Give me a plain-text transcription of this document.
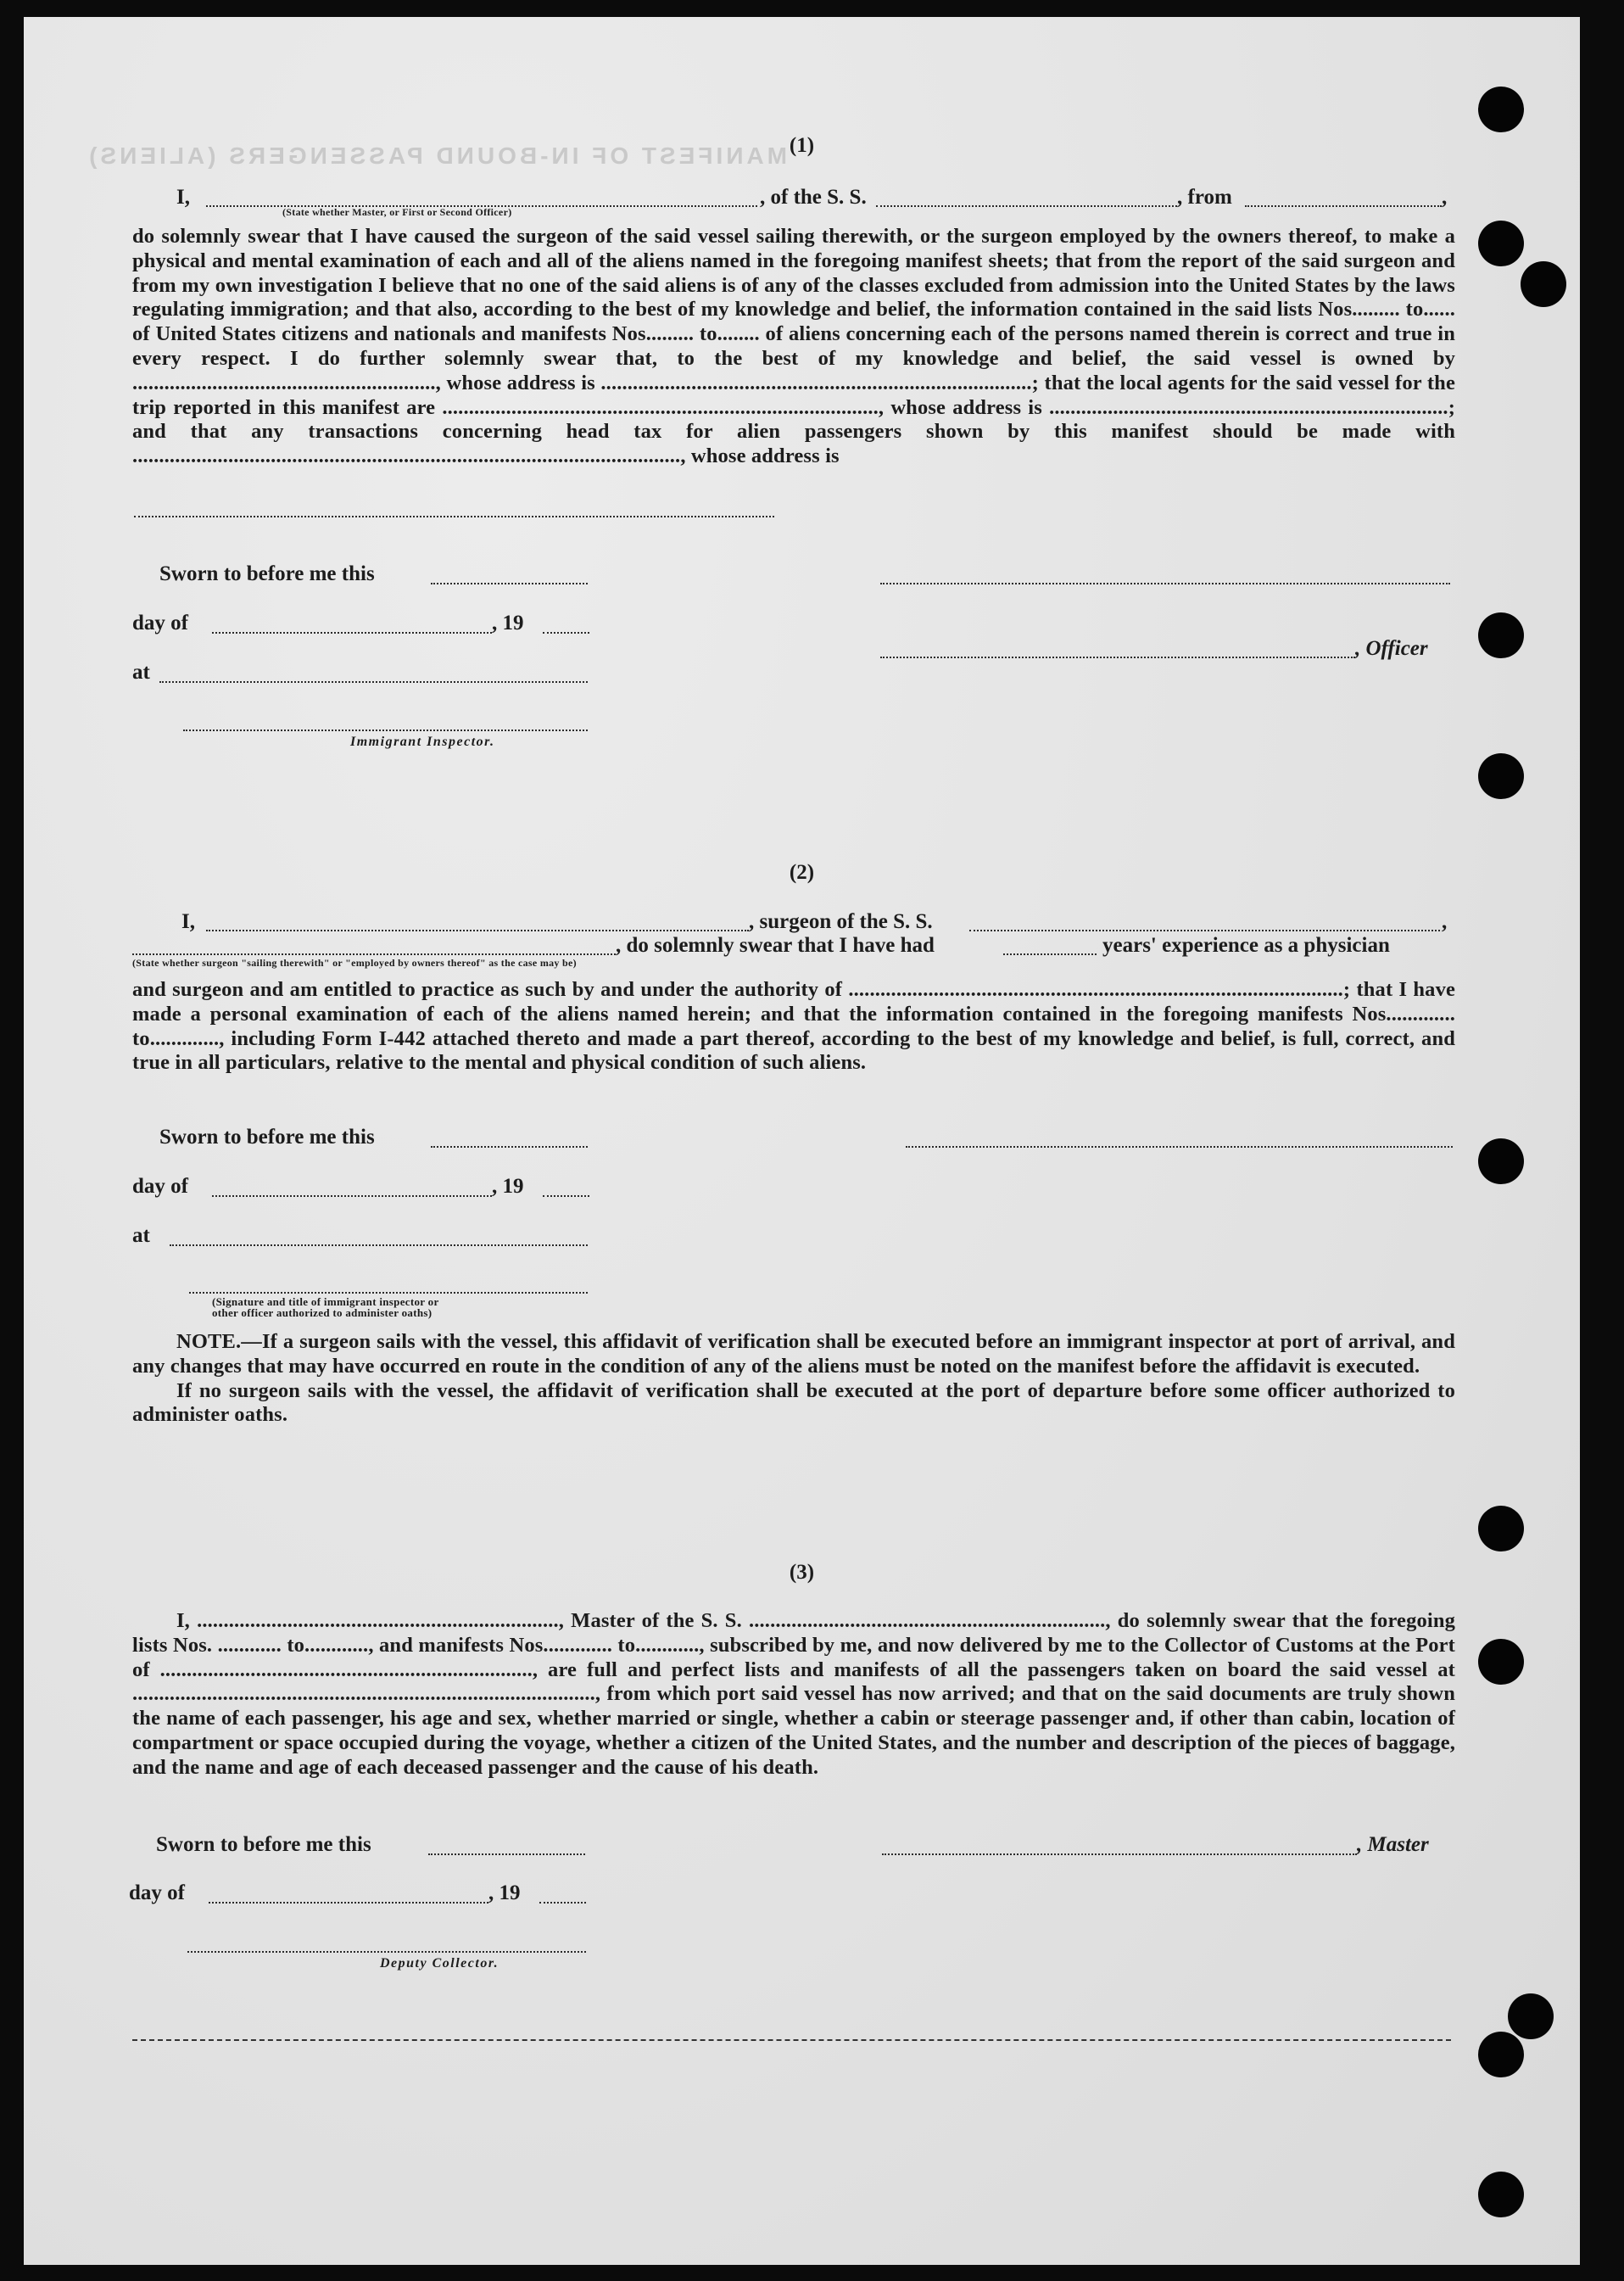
MANIFEST OF IN-BOUND PASSENGERS (ALIENS) (1)
I,	, of the S. S.	, from	,
(State whether Master, or First or Second Officer)

do solemnly swear that I have caused the surgeon of the said vessel sailing therewith, or the surgeon employed by the owners thereof, to make a physical and mental examination of each and all of the aliens named in the foregoing manifest sheets; that from the report of the said surgeon and from my own investigation I believe that no one of the said aliens is of any of the classes excluded from admission into the United States by the laws regulating immigration; and that also, according to the best of my knowledge and belief, the information contained in the said lists Nos......... to...... of United States citizens and nationals and manifests Nos......... to........ of aliens concerning each of the persons named therein is correct and true in every respect. I do further solemnly swear that, to the best of my knowledge and belief, the said vessel is owned by ........................................................., whose address is .................................................................................; that the local agents for the said vessel for the trip reported in this manifest are .................................................................................., whose address is ...........................................................................; and that any transactions concerning head tax for alien passengers shown by this manifest should be made with ......................................................................................................., whose address is

Sworn to before me this
day of	, 19
, Officer
at
Immigrant Inspector.
(2)
I,	, surgeon of the S. S.	,
, do solemnly swear that I have had	years' experience as a physician
(State whether surgeon "sailing therewith" or "employed by owners thereof" as the case may be)

and surgeon and am entitled to practice as such by and under the authority of .............................................................................................; that I have made a personal examination of each of the aliens named herein; and that the information contained in the foregoing manifests Nos............. to............., including Form I-442 attached thereto and made a part thereof, according to the best of my knowledge and belief, is full, correct, and true in all particulars, relative to the mental and physical condition of such aliens.

Sworn to before me this
day of	, 19
at
(Signature and title of immigrant inspector or
other officer authorized to administer oaths)

NOTE.—If a surgeon sails with the vessel, this affidavit of verification shall be executed before an immigrant inspector at port of arrival, and any changes that may have occurred en route in the condition of any of the aliens must be noted on the manifest before the affidavit is executed.

If no surgeon sails with the vessel, the affidavit of verification shall be executed at the port of departure before some officer authorized to administer oaths.

(3)

I, ...................................................................., Master of the S. S. ..................................................................., do solemnly swear that the foregoing lists Nos. ............ to............, and manifests Nos............. to............, subscribed by me, and now delivered by me to the Collector of Customs at the Port of ......................................................................, are full and perfect lists and manifests of all the passengers taken on board the said vessel at ......................................................................................., from which port said vessel has now arrived; and that on the said documents are truly shown the name of each passenger, his age and sex, whether married or single, whether a cabin or steerage passenger and, if other than cabin, location of compartment or space occupied during the voyage, whether a citizen of the United States, and the number and description of the pieces of baggage, and the name and age of each deceased passenger and the cause of his death.

Sworn to before me this	, Master
day of	, 19
Deputy Collector.
